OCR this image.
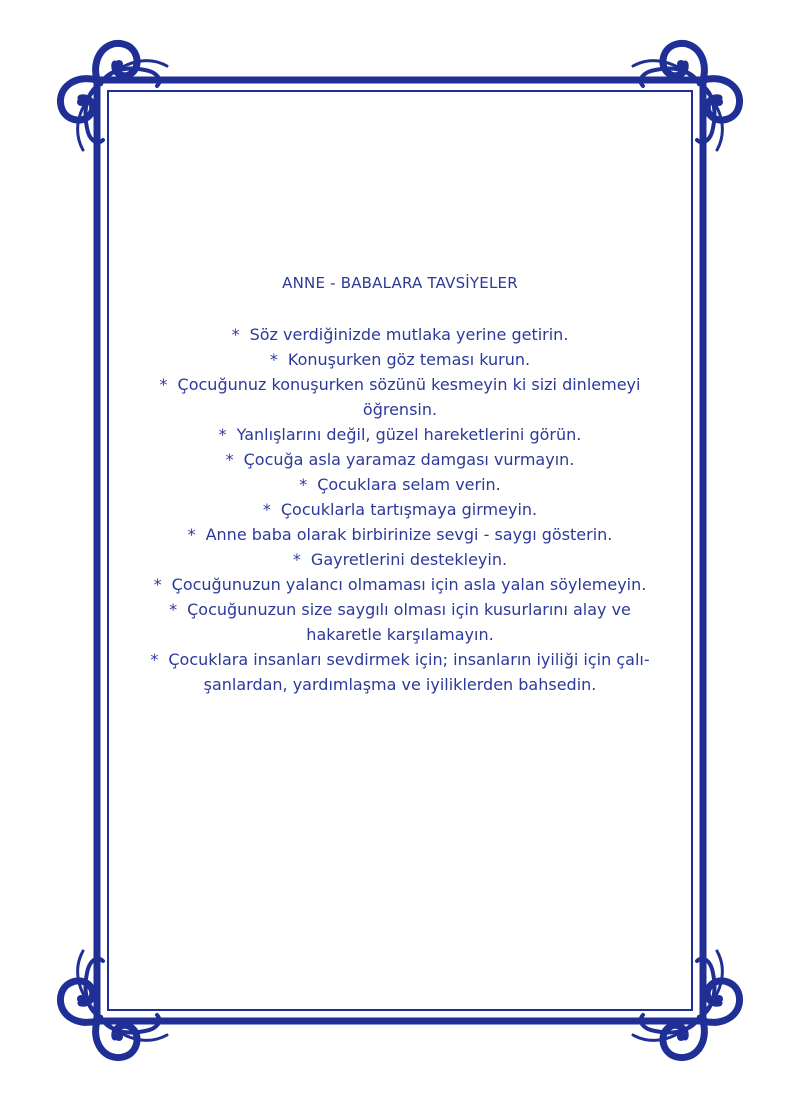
ANNE - BABALARA TAVSİYELER
* Söz verdiğinizde mutlaka yerine getirin.
* Konuşurken göz teması kurun.
* Çocuğunuz konuşurken sözünü kesmeyin ki sizi dinlemeyi öğrensin.
* Yanlışlarını değil, güzel hareketlerini görün.
* Çocuğa asla yaramaz damgası vurmayın.
* Çocuklara selam verin.
* Çocuklarla tartışmaya girmeyin.
* Anne baba olarak birbirinize sevgi - saygı gösterin.
* Gayretlerini destekleyin.
* Çocuğunuzun yalancı olmaması için asla yalan söylemeyin.
* Çocuğunuzun size saygılı olması için kusurlarını alay ve hakaretle karşılamayın.
* Çocuklara insanları sevdirmek için; insanların iyiliği için çalı-şanlardan, yardımlaşma ve iyiliklerden bahsedin.
